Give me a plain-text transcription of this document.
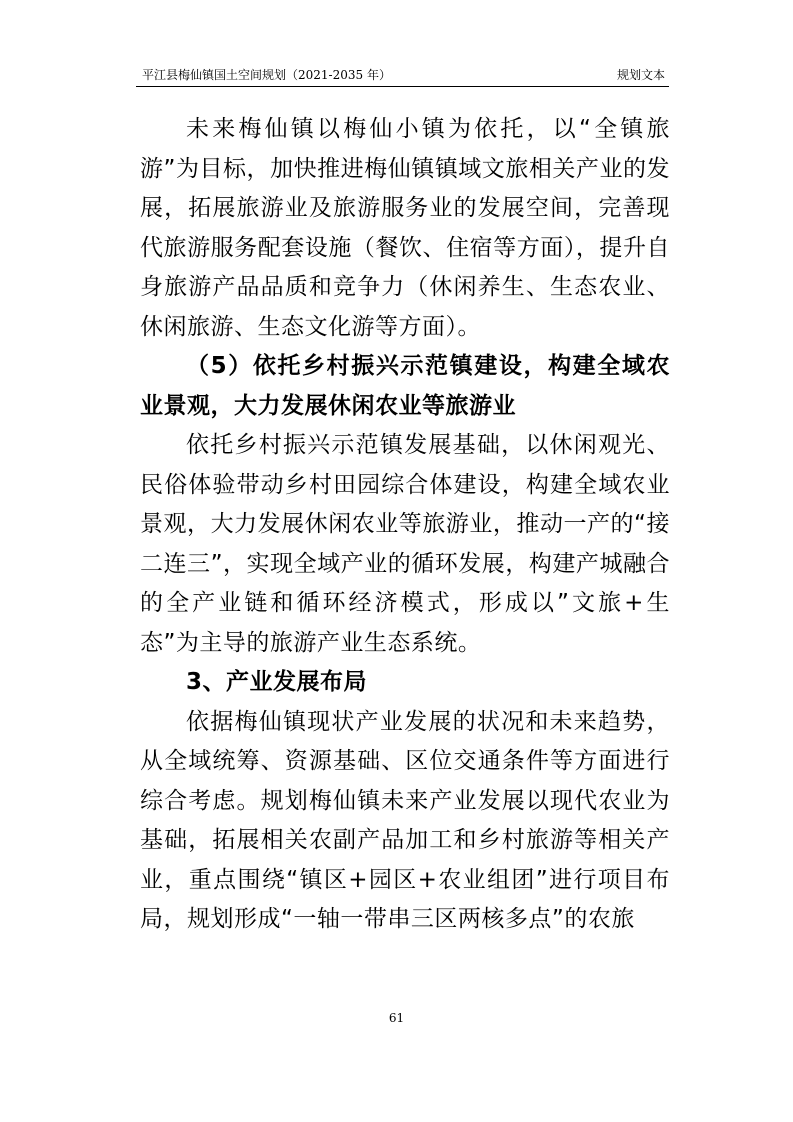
平江县梅仙镇国土空间规划（2021-2035 年）	规划文本

未来梅仙镇以梅仙小镇为依托，以“全镇旅游”为目标，加快推进梅仙镇镇域文旅相关产业的发展，拓展旅游业及旅游服务业的发展空间，完善现代旅游服务配套设施（餐饮、住宿等方面），提升自身旅游产品品质和竞争力（休闲养生、生态农业、休闲旅游、生态文化游等方面）。

（5）依托乡村振兴示范镇建设，构建全域农业景观，大力发展休闲农业等旅游业

依托乡村振兴示范镇发展基础，以休闲观光、民俗体验带动乡村田园综合体建设，构建全域农业景观，大力发展休闲农业等旅游业，推动一产的“接二连三”，实现全域产业的循环发展，构建产城融合的全产业链和循环经济模式，形成以”文旅+生态”为主导的旅游产业生态系统。

3、产业发展布局

依据梅仙镇现状产业发展的状况和未来趋势，从全域统筹、资源基础、区位交通条件等方面进行综合考虑。规划梅仙镇未来产业发展以现代农业为基础，拓展相关农副产品加工和乡村旅游等相关产业，重点围绕“镇区+园区+农业组团”进行项目布局，规划形成“一轴一带串三区两核多点”的农旅

61
